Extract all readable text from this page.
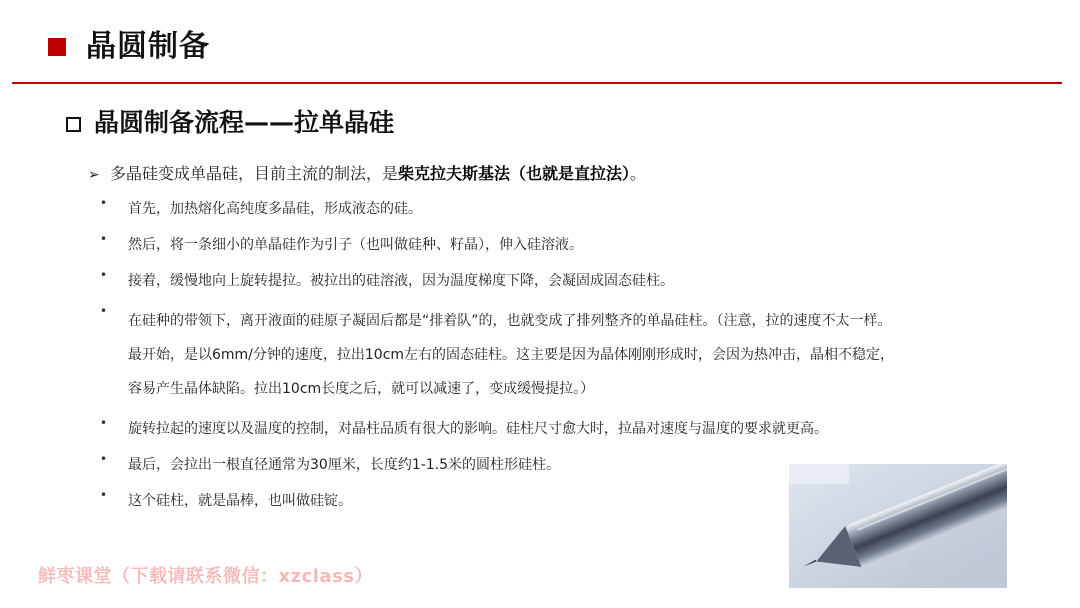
晶圆制备
晶圆制备流程——拉单晶硅
➢ 多晶硅变成单晶硅，目前主流的制法，是柴克拉夫斯基法（也就是直拉法）。
• 首先，加热熔化高纯度多晶硅，形成液态的硅。
• 然后，将一条细小的单晶硅作为引子（也叫做硅种、籽晶），伸入硅溶液。
• 接着，缓慢地向上旋转提拉。被拉出的硅溶液，因为温度梯度下降，会凝固成固态硅柱。
•
在硅种的带领下，离开液面的硅原子凝固后都是“排着队”的，也就变成了排列整齐的单晶硅柱。（注意，拉的速度不太一样。
最开始，是以6mm/分钟的速度，拉出10cm左右的固态硅柱。这主要是因为晶体刚刚形成时，会因为热冲击，晶相不稳定，
容易产生晶体缺陷。拉出10cm长度之后，就可以减速了，变成缓慢提拉。）
• 旋转拉起的速度以及温度的控制，对晶柱品质有很大的影响。硅柱尺寸愈大时，拉晶对速度与温度的要求就更高。
• 最后，会拉出一根直径通常为30厘米，长度约1-1.5米的圆柱形硅柱。
• 这个硅柱，就是晶棒，也叫做硅锭。
鲜枣课堂（下载请联系微信：xzclass）
